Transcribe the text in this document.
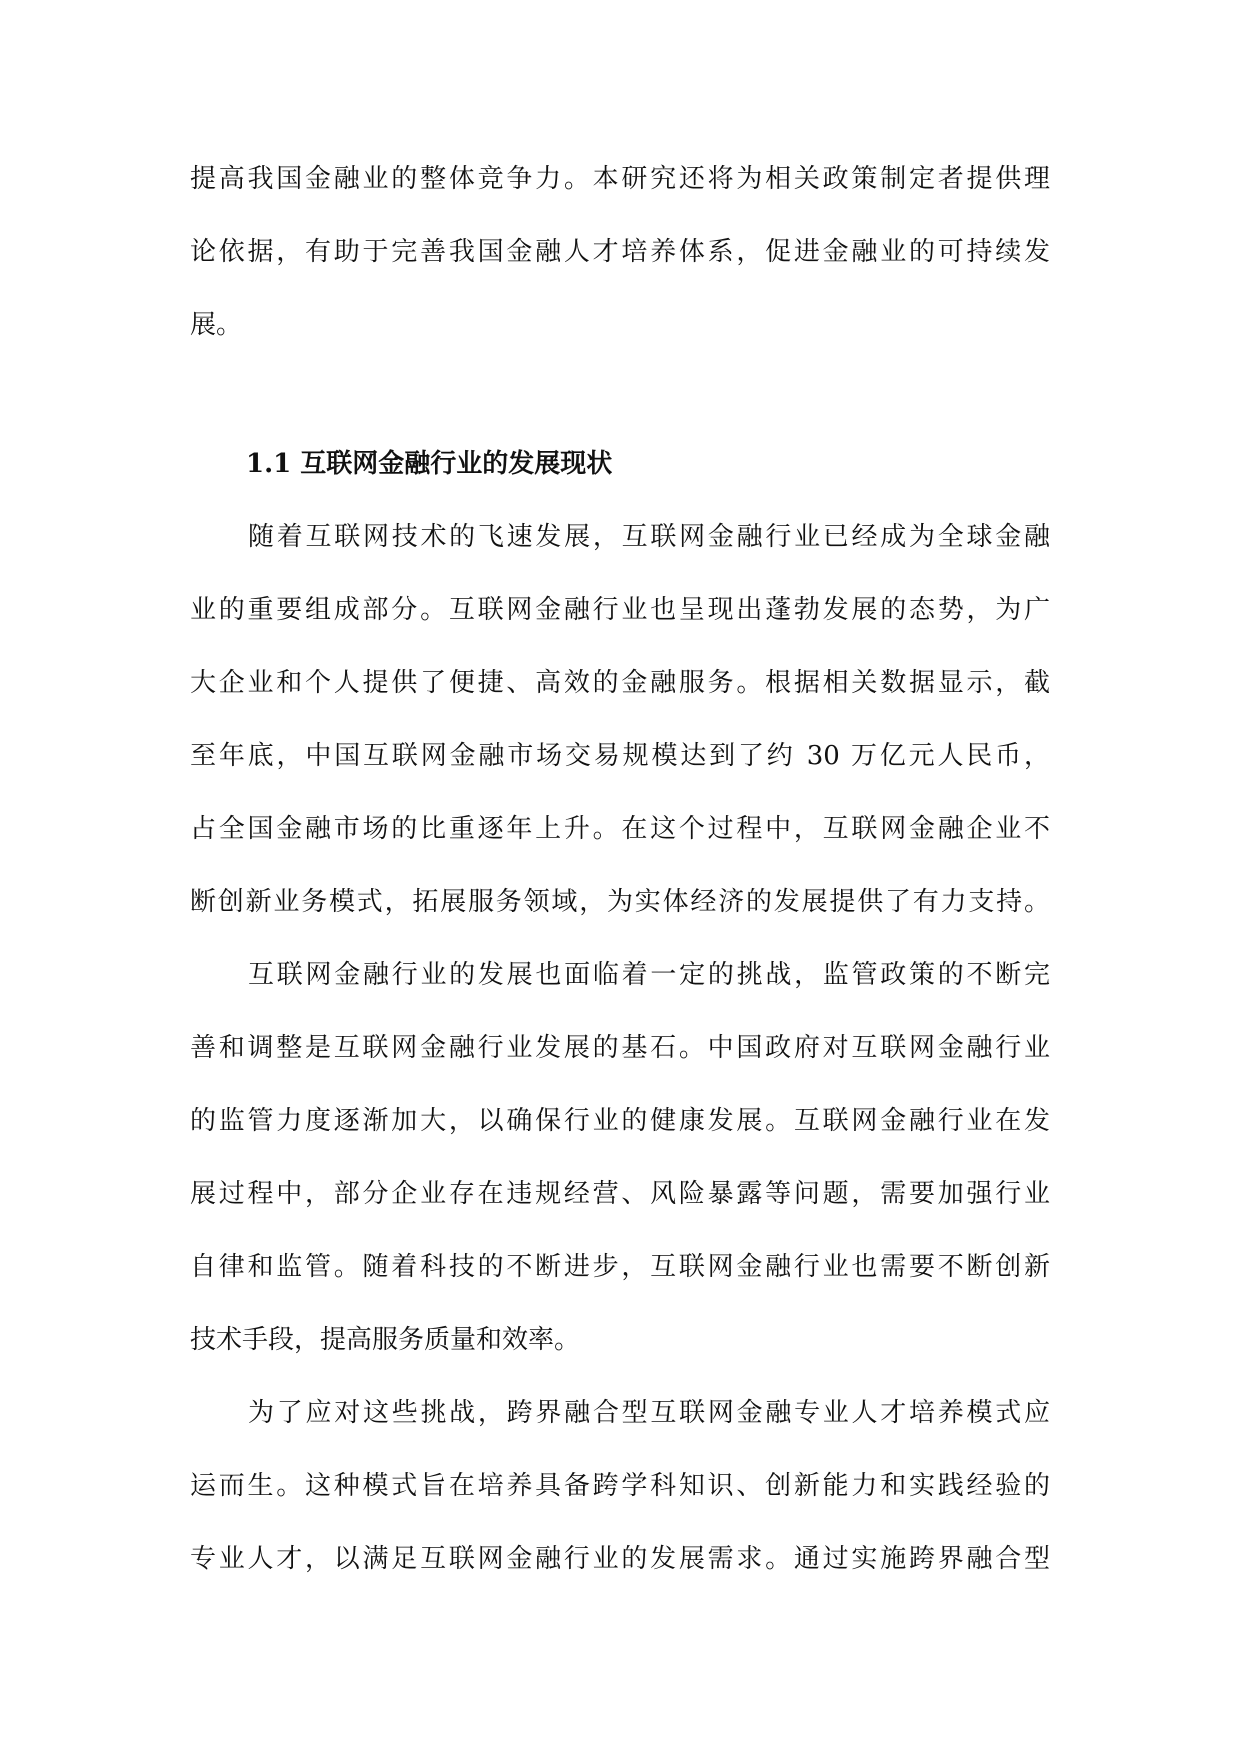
提高我国金融业的整体竞争力。本研究还将为相关政策制定者提供理
论依据，有助于完善我国金融人才培养体系，促进金融业的可持续发
展。
1.1 互联网金融行业的发展现状
随着互联网技术的飞速发展，互联网金融行业已经成为全球金融
业的重要组成部分。互联网金融行业也呈现出蓬勃发展的态势，为广
大企业和个人提供了便捷、高效的金融服务。根据相关数据显示，截
至年底，中国互联网金融市场交易规模达到了约 30 万亿元人民币，
占全国金融市场的比重逐年上升。在这个过程中，互联网金融企业不
断创新业务模式，拓展服务领域，为实体经济的发展提供了有力支持。
互联网金融行业的发展也面临着一定的挑战，监管政策的不断完
善和调整是互联网金融行业发展的基石。中国政府对互联网金融行业
的监管力度逐渐加大，以确保行业的健康发展。互联网金融行业在发
展过程中，部分企业存在违规经营、风险暴露等问题，需要加强行业
自律和监管。随着科技的不断进步，互联网金融行业也需要不断创新
技术手段，提高服务质量和效率。
为了应对这些挑战，跨界融合型互联网金融专业人才培养模式应
运而生。这种模式旨在培养具备跨学科知识、创新能力和实践经验的
专业人才，以满足互联网金融行业的发展需求。通过实施跨界融合型
